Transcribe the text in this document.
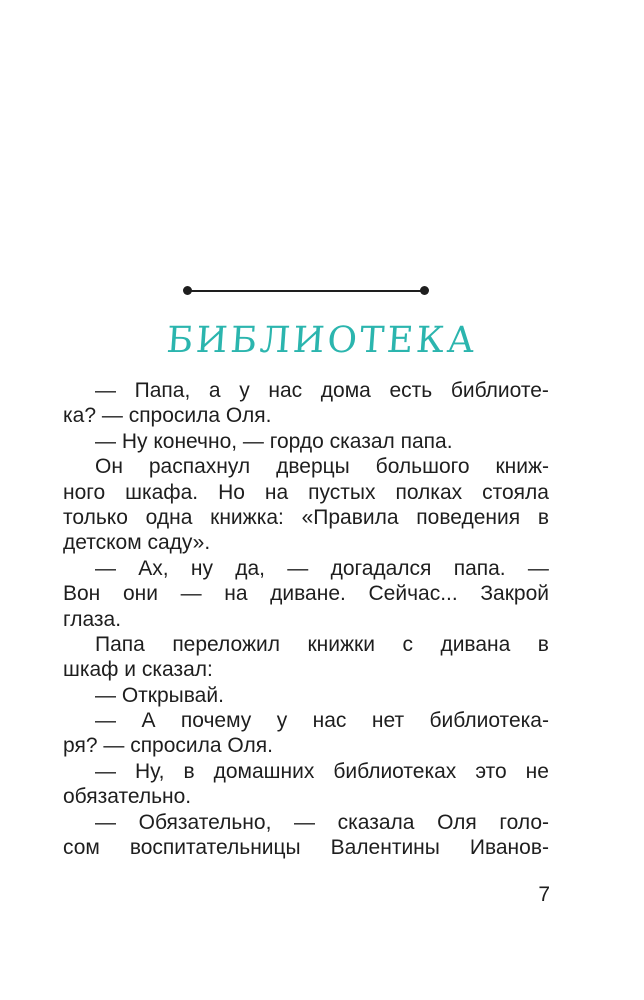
БИБЛИОТЕКА
— Папа, а у нас дома есть библиоте-
ка? — спросила Оля.
— Ну конечно, — гордо сказал папа.
Он распахнул дверцы большого книж-
ного шкафа. Но на пустых полках стояла
только одна книжка: «Правила поведения в
детском саду».
— Ах, ну да, — догадался папа. —
Вон они — на диване. Сейчас... Закрой
глаза.
Папа переложил книжки с дивана в
шкаф и сказал:
— Открывай.
— А почему у нас нет библиотека-
ря? — спросила Оля.
— Ну, в домашних библиотеках это не
обязательно.
— Обязательно, — сказала Оля голо-
сом воспитательницы Валентины Иванов-
7
